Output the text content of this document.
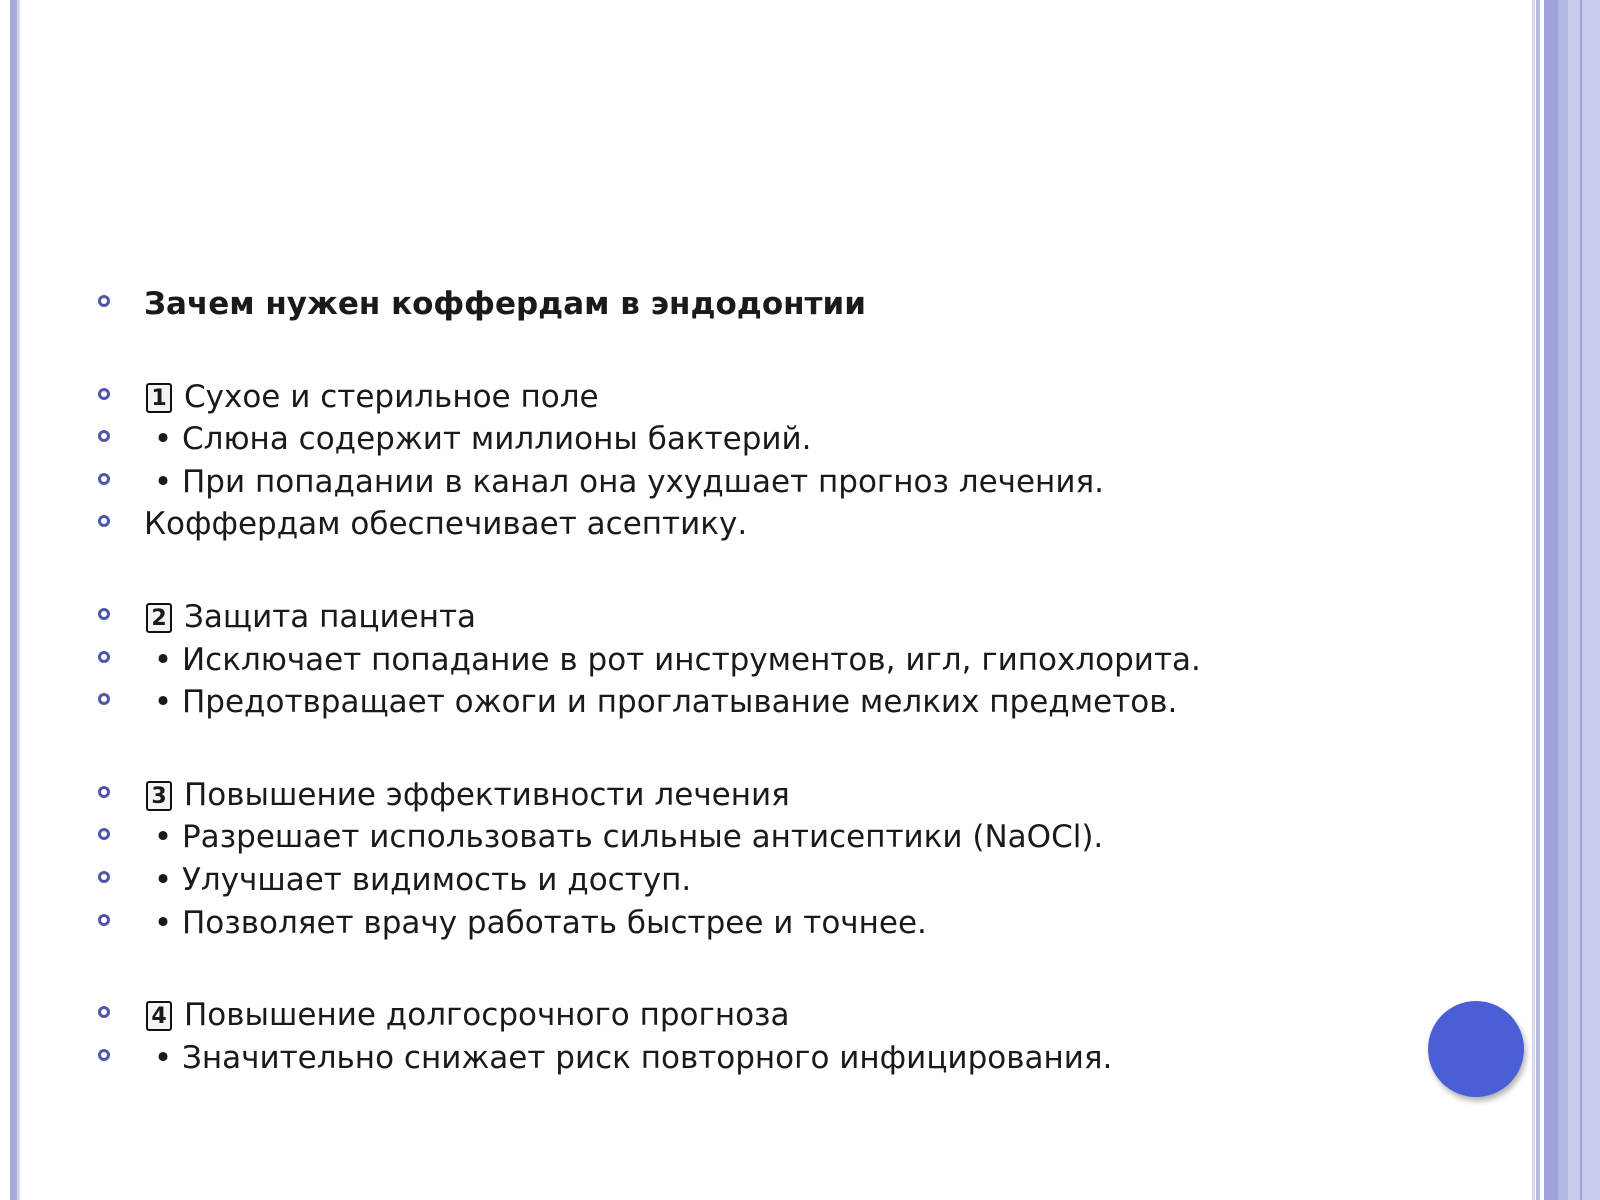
Зачем нужен коффердам в эндодонтии
1 Сухое и стерильное поле
• Слюна содержит миллионы бактерий.
• При попадании в канал она ухудшает прогноз лечения.
Коффердам обеспечивает асептику.
2 Защита пациента
• Исключает попадание в рот инструментов, игл, гипохлорита.
• Предотвращает ожоги и проглатывание мелких предметов.
3 Повышение эффективности лечения
• Разрешает использовать сильные антисептики (NaOCl).
• Улучшает видимость и доступ.
• Позволяет врачу работать быстрее и точнее.
4 Повышение долгосрочного прогноза
• Значительно снижает риск повторного инфицирования.
